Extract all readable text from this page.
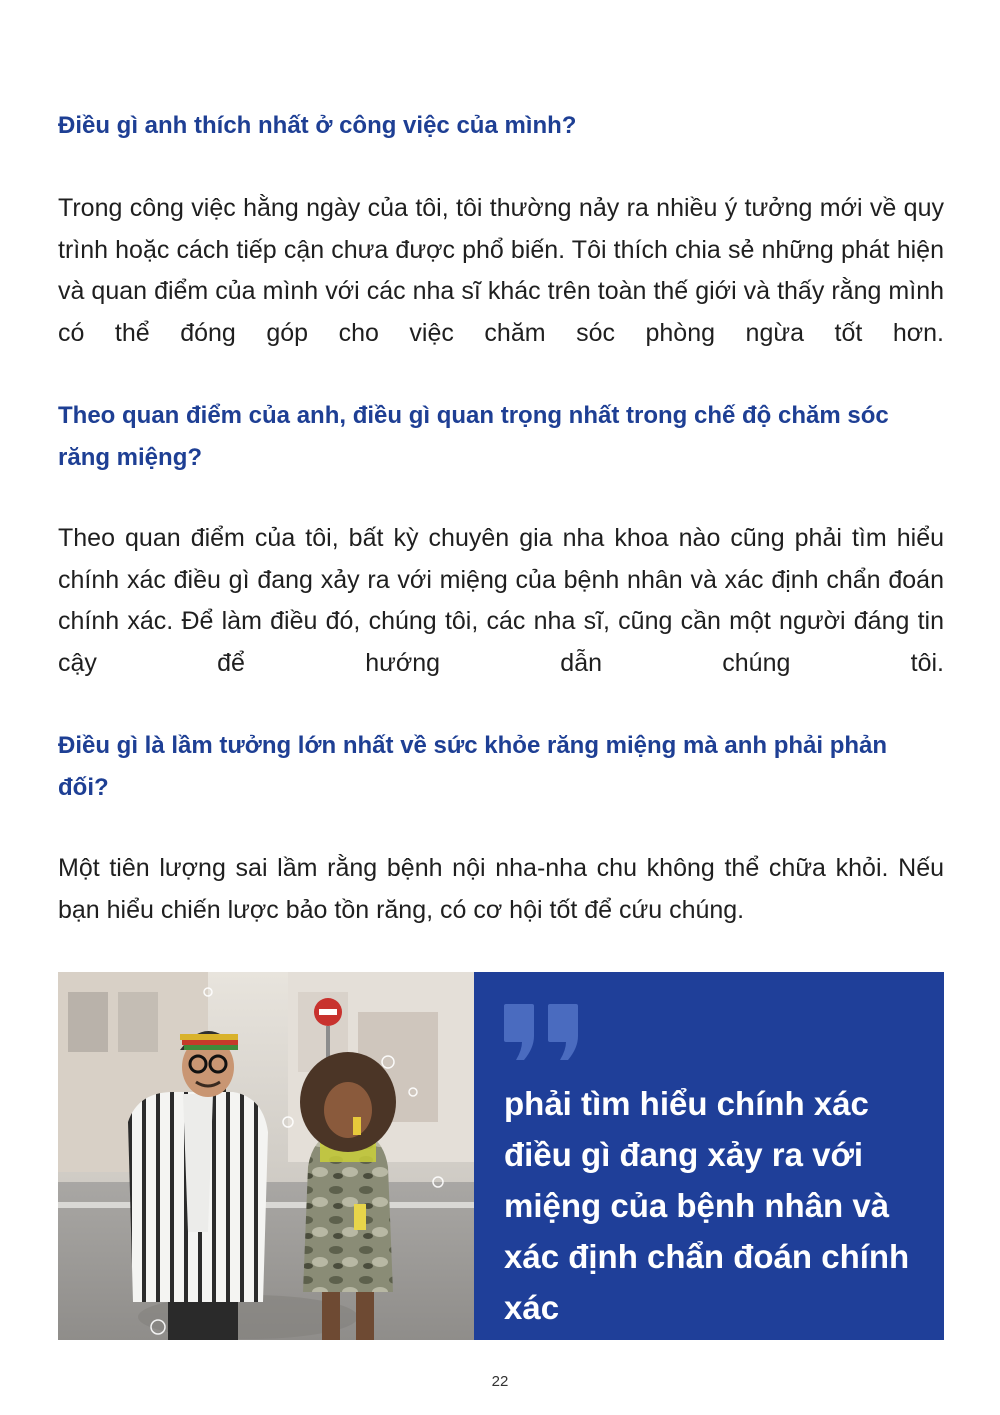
Điều gì anh thích nhất ở công việc của mình?

Trong công việc hằng ngày của tôi, tôi thường nảy ra nhiều ý tưởng mới về quy trình hoặc cách tiếp cận chưa được phổ biến. Tôi thích chia sẻ những phát hiện và quan điểm của mình với các nha sĩ khác trên toàn thế giới và thấy rằng mình có thể đóng góp cho việc chăm sóc phòng ngừa tốt hơn.

Theo quan điểm của anh, điều gì quan trọng nhất trong chế độ chăm sóc răng miệng?

Theo quan điểm của tôi, bất kỳ chuyên gia nha khoa nào cũng phải tìm hiểu chính xác điều gì đang xảy ra với miệng của bệnh nhân và xác định chẩn đoán chính xác. Để làm điều đó, chúng tôi, các nha sĩ, cũng cần một người đáng tin cậy để hướng dẫn chúng tôi.

Điều gì là lầm tưởng lớn nhất về sức khỏe răng miệng mà anh phải phản đối?

Một tiên lượng sai lầm rằng bệnh nội nha-nha chu không thể chữa khỏi. Nếu bạn hiểu chiến lược bảo tồn răng, có cơ hội tốt để cứu chúng.

phải tìm hiểu chính xác điều gì đang xảy ra với miệng của bệnh nhân và xác định chẩn đoán chính xác
22
